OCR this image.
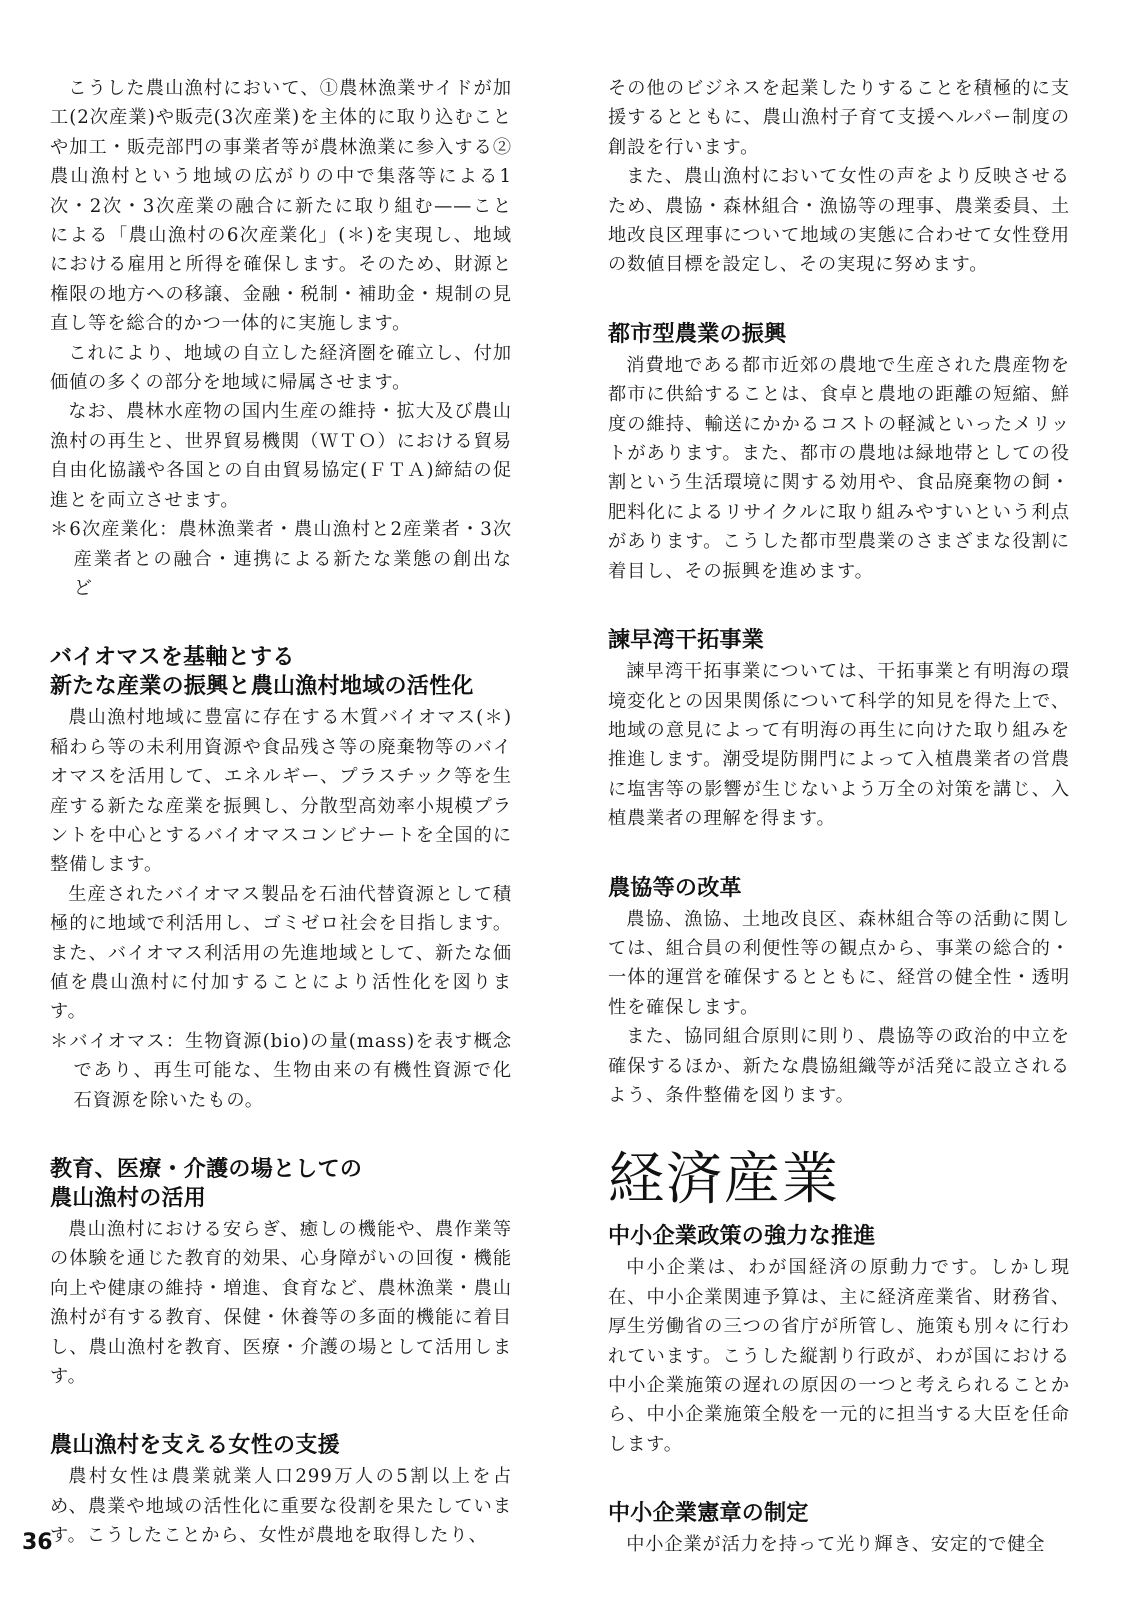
こうした農山漁村において、①農林漁業サイドが加工(2次産業)や販売(3次産業)を主体的に取り込むことや加工・販売部門の事業者等が農林漁業に参入する②農山漁村という地域の広がりの中で集落等による1次・2次・3次産業の融合に新たに取り組む——ことによる「農山漁村の6次産業化」(＊)を実現し、地域における雇用と所得を確保します。そのため、財源と権限の地方への移譲、金融・税制・補助金・規制の見直し等を総合的かつ一体的に実施します。

これにより、地域の自立した経済圏を確立し、付加価値の多くの部分を地域に帰属させます。

なお、農林水産物の国内生産の維持・拡大及び農山漁村の再生と、世界貿易機関（ＷＴＯ）における貿易自由化協議や各国との自由貿易協定(ＦＴＡ)締結の促進とを両立させます。

＊6次産業化：農林漁業者・農山漁村と2産業者・3次産業者との融合・連携による新たな業態の創出など

バイオマスを基軸とする
新たな産業の振興と農山漁村地域の活性化

農山漁村地域に豊富に存在する木質バイオマス(＊)稲わら等の未利用資源や食品残さ等の廃棄物等のバイオマスを活用して、エネルギー、プラスチック等を生産する新たな産業を振興し、分散型高効率小規模プラントを中心とするバイオマスコンビナートを全国的に整備します。

生産されたバイオマス製品を石油代替資源として積極的に地域で利活用し、ゴミゼロ社会を目指します。また、バイオマス利活用の先進地域として、新たな価値を農山漁村に付加することにより活性化を図ります。

＊バイオマス：生物資源(bio)の量(mass)を表す概念であり、再生可能な、生物由来の有機性資源で化石資源を除いたもの。

教育、医療・介護の場としての
農山漁村の活用

農山漁村における安らぎ、癒しの機能や、農作業等の体験を通じた教育的効果、心身障がいの回復・機能向上や健康の維持・増進、食育など、農林漁業・農山漁村が有する教育、保健・休養等の多面的機能に着目し、農山漁村を教育、医療・介護の場として活用します。

農山漁村を支える女性の支援

農村女性は農業就業人口299万人の5割以上を占め、農業や地域の活性化に重要な役割を果たしています。こうしたことから、女性が農地を取得したり、

その他のビジネスを起業したりすることを積極的に支援するとともに、農山漁村子育て支援ヘルパー制度の創設を行います。

また、農山漁村において女性の声をより反映させるため、農協・森林組合・漁協等の理事、農業委員、土地改良区理事について地域の実態に合わせて女性登用の数値目標を設定し、その実現に努めます。

都市型農業の振興

消費地である都市近郊の農地で生産された農産物を都市に供給することは、食卓と農地の距離の短縮、鮮度の維持、輸送にかかるコストの軽減といったメリットがあります。また、都市の農地は緑地帯としての役割という生活環境に関する効用や、食品廃棄物の飼・肥料化によるリサイクルに取り組みやすいという利点があります。こうした都市型農業のさまざまな役割に着目し、その振興を進めます。

諫早湾干拓事業

諫早湾干拓事業については、干拓事業と有明海の環境変化との因果関係について科学的知見を得た上で、地域の意見によって有明海の再生に向けた取り組みを推進します。潮受堤防開門によって入植農業者の営農に塩害等の影響が生じないよう万全の対策を講じ、入植農業者の理解を得ます。

農協等の改革

農協、漁協、土地改良区、森林組合等の活動に関しては、組合員の利便性等の観点から、事業の総合的・一体的運営を確保するとともに、経営の健全性・透明性を確保します。

また、協同組合原則に則り、農協等の政治的中立を確保するほか、新たな農協組織等が活発に設立されるよう、条件整備を図ります。

経済産業
中小企業政策の強力な推進

中小企業は、わが国経済の原動力です。しかし現在、中小企業関連予算は、主に経済産業省、財務省、厚生労働省の三つの省庁が所管し、施策も別々に行われています。こうした縦割り行政が、わが国における中小企業施策の遅れの原因の一つと考えられることから、中小企業施策全般を一元的に担当する大臣を任命します。

中小企業憲章の制定

中小企業が活力を持って光り輝き、安定的で健全

36
